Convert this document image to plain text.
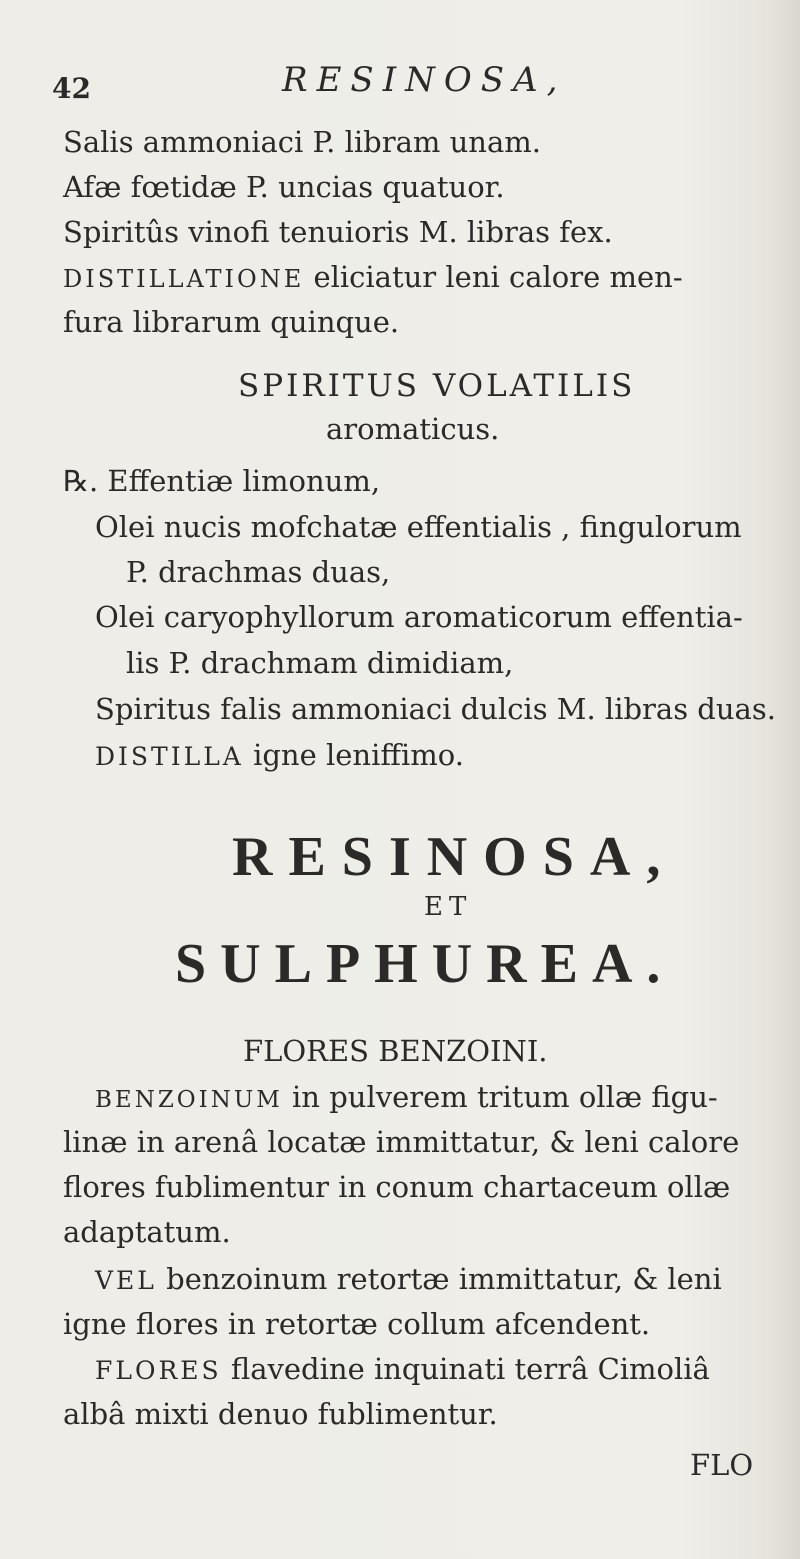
42	RESINOSA,
Salis ammoniaci P. libram unam.
Afæ fœtidæ P. uncias quatuor.
Spiritûs vinofi tenuioris M. libras fex.
DISTILLATIONE eliciatur leni calore men-
fura librarum quinque.
SPIRITUS VOLATILIS
aromaticus.
℞. Effentiæ limonum,
Olei nucis mofchatæ effentialis , fingulorum
P. drachmas duas,
Olei caryophyllorum aromaticorum effentia-
lis P. drachmam dimidiam,
Spiritus falis ammoniaci dulcis M. libras duas.
DISTILLA igne leniffimo.
RESINOSA,
ET
SULPHUREA.
FLORES BENZOINI.
BENZOINUM in pulverem tritum ollæ figu-
linæ in arenâ locatæ immittatur, & leni calore
flores fublimentur in conum chartaceum ollæ
adaptatum.
VEL benzoinum retortæ immittatur, & leni
igne flores in retortæ collum afcendent.
FLORES flavedine inquinati terrâ Cimoliâ
albâ mixti denuo fublimentur.
FLO
